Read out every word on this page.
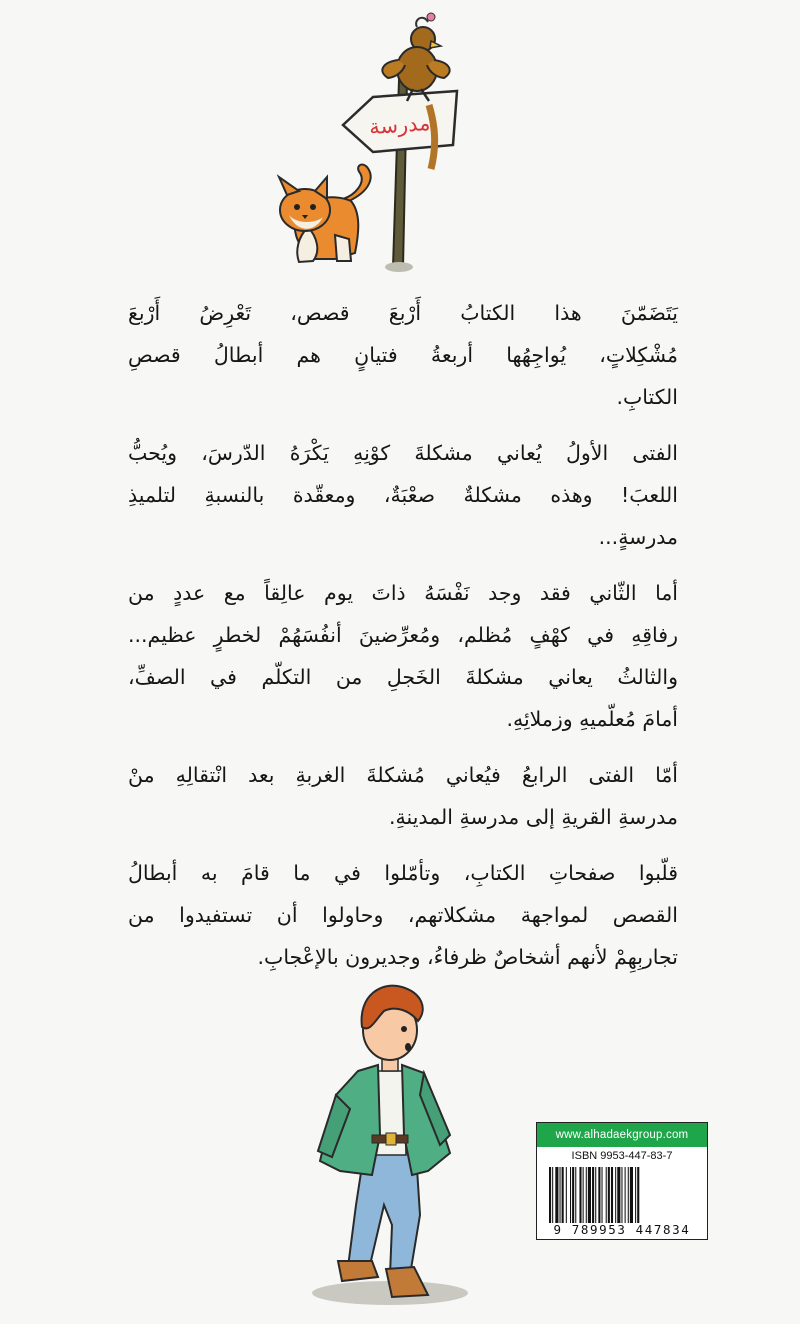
مدرسة

يَتَضَمّنَ هذا الكتابُ أَرْبعَ قصص، تَعْرِضُ أَرْبعَ
مُشْكِلاتٍ، يُواجِهُها أربعةُ فتيانٍ هم أبطالُ قصصِ
الكتابِ.

الفتى الأولُ يُعاني مشكلةَ كوْنِهِ يَكْرَهُ الدّرسَ، ويُحبُّ
اللعبَ! وهذه مشكلةٌ صعْبَةٌ، ومعقّدة بالنسبةِ لتلميذِ
مدرسةٍ...

أما الثّاني فقد وجد نَفْسَهُ ذاتَ يوم عالِقاً مع عددٍ من
رفاقِهِ في كهْفٍ مُظلم، ومُعرِّضينَ أنفُسَهُمْ لخطرٍ عظيم...
والثالثُ يعاني مشكلةَ الخَجلِ من التكلّم في الصفِّ،
أمامَ مُعلّميهِ وزملائِهِ.

أمّا الفتى الرابعُ فيُعاني مُشكلةَ الغربةِ بعد انْتقالِهِ منْ
مدرسةِ القريةِ إلى مدرسةِ المدينةِ.

قلّبوا صفحاتِ الكتابِ، وتأمّلوا في ما قامَ به أبطالُ
القصص لمواجهة مشكلاتهم، وحاولوا أن تستفيدوا من
تجاربِهِمْ لأنهم أشخاصٌ ظرفاءُ، وجديرون بالإعْجابِ.

www.alhadaekgroup.com
ISBN 9953-447-83-7
9 789953 447834
